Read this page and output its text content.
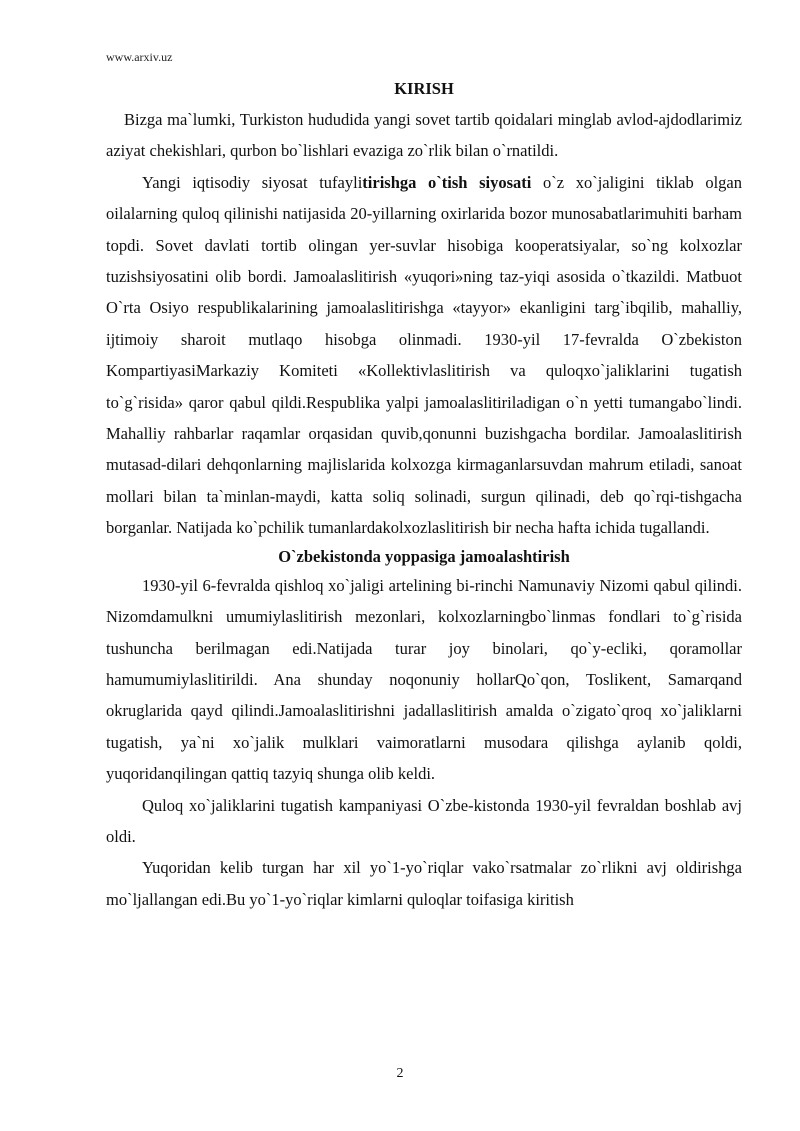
www.arxiv.uz
KIRISH

Bizga ma`lumki, Turkiston hududida yangi sovet tartib qoidalari minglab avlod-ajdodlarimiz aziyat chekishlari, qurbon bo`lishlari evaziga zo`rlik bilan o`rnatildi.

Yangi iqtisodiy siyosat tufaylitirishga o`tish siyosati o`z xo`jaligini tiklab olgan oilalarning quloq qilinishi natijasida 20-yillarning oxirlarida bozor munosabatlarimuhiti barham topdi. Sovet davlati tortib olingan yer-suvlar hisobiga kooperatsiyalar, so`ng kolxozlar tuzishsiyosatini olib bordi. Jamoalaslitirish «yuqori»ning taz-yiqi asosida o`tkazildi. Matbuot O`rta Osiyo respublikalarining jamoalaslitirishga «tayyor» ekanligini targ`ibqilib, mahalliy, ijtimoiy sharoit mutlaqo hisobga olinmadi. 1930-yil 17-fevralda O`zbekiston KompartiyasiMarkaziy Komiteti «Kollektivlaslitirish va quloqxo`jaliklarini tugatish to`g`risida» qaror qabul qildi.Respublika yalpi jamoalaslitiriladigan o`n yetti tumangabo`lindi. Mahalliy rahbarlar raqamlar orqasidan quvib,qonunni buzishgacha bordilar. Jamoalaslitirish mutasad-dilari dehqonlarning majlislarida kolxozga kirmaganlarsuvdan mahrum etiladi, sanoat mollari bilan ta`minlan-maydi, katta soliq solinadi, surgun qilinadi, deb qo`rqi-tishgacha borganlar. Natijada ko`pchilik tumanlardakolxozlaslitirish bir necha hafta ichida tugallandi.

O`zbekistonda yoppasiga jamoalashtirish

1930-yil 6-fevralda qishloq xo`jaligi artelining bi-rinchi Namunaviy Nizomi qabul qilindi. Nizomdamulkni umumiylaslitirish mezonlari, kolxozlarningbo`linmas fondlari to`g`risida tushuncha berilmagan edi.Natijada turar joy binolari, qo`y-ecliki, qoramollar hamumumiylaslitirildi. Ana shunday noqonuniy hollarQo`qon, Toslikent, Samarqand okruglarida qayd qilindi.Jamoalaslitirishni jadallaslitirish amalda o`zigato`qroq xo`jaliklarni tugatish, ya`ni xo`jalik mulklari vaimoratlarni musodara qilishga aylanib qoldi, yuqoridanqilingan qattiq tazyiq shunga olib keldi.

Quloq xo`jaliklarini tugatish kampaniyasi O`zbe-kistonda 1930-yil fevraldan boshlab avj oldi.

Yuqoridan kelib turgan har xil yo`1-yo`riqlar vako`rsatmalar zo`rlikni avj oldirishga mo`ljallangan edi.Bu yo`1-yo`riqlar kimlarni quloqlar toifasiga kiritish

2
